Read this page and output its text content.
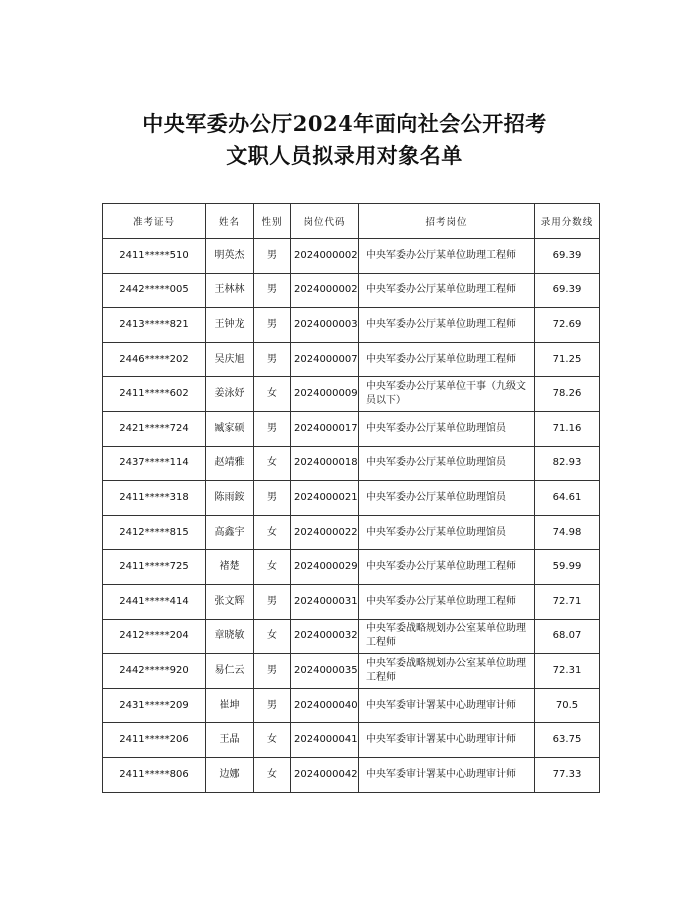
中央军委办公厅2024年面向社会公开招考
文职人员拟录用对象名单
准考证号	姓名	性别	岗位代码	招考岗位	录用分数线
2411*****510	明英杰	男	2024000002	中央军委办公厅某单位助理工程师	69.39
2442*****005	王林林	男	2024000002	中央军委办公厅某单位助理工程师	69.39
2413*****821	王钟龙	男	2024000003	中央军委办公厅某单位助理工程师	72.69
2446*****202	吴庆旭	男	2024000007	中央军委办公厅某单位助理工程师	71.25
2411*****602	姜泳妤	女	2024000009	中央军委办公厅某单位干事（九级文员以下）	78.26
2421*****724	臧家硕	男	2024000017	中央军委办公厅某单位助理馆员	71.16
2437*****114	赵靖雅	女	2024000018	中央军委办公厅某单位助理馆员	82.93
2411*****318	陈雨銨	男	2024000021	中央军委办公厅某单位助理馆员	64.61
2412*****815	高鑫宇	女	2024000022	中央军委办公厅某单位助理馆员	74.98
2411*****725	褚楚	女	2024000029	中央军委办公厅某单位助理工程师	59.99
2441*****414	张文辉	男	2024000031	中央军委办公厅某单位助理工程师	72.71
2412*****204	章晓敏	女	2024000032	中央军委战略规划办公室某单位助理工程师	68.07
2442*****920	易仁云	男	2024000035	中央军委战略规划办公室某单位助理工程师	72.31
2431*****209	崔坤	男	2024000040	中央军委审计署某中心助理审计师	70.5
2411*****206	王晶	女	2024000041	中央军委审计署某中心助理审计师	63.75
2411*****806	边娜	女	2024000042	中央军委审计署某中心助理审计师	77.33
